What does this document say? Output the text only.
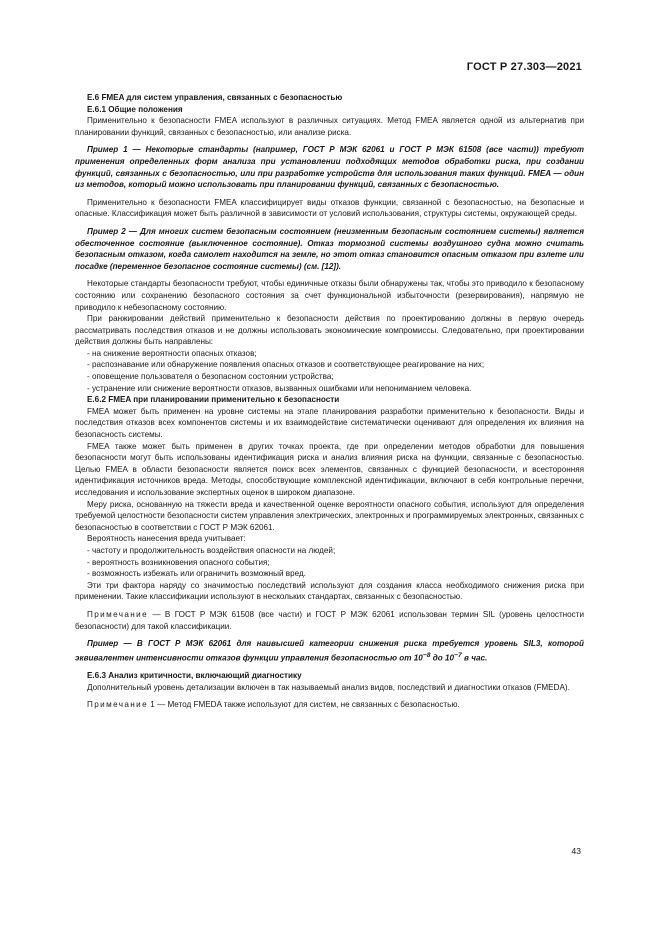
ГОСТ Р 27.303—2021

Е.6 FMEA для систем управления, связанных с безопасностью

Е.6.1 Общие положения

Применительно к безопасности FMEA используют в различных ситуациях. Метод FMEA является одной из альтернатив при планировании функций, связанных с безопасностью, или анализе риска.

Пример 1 — Некоторые стандарты (например, ГОСТ Р МЭК 62061 и ГОСТ Р МЭК 61508 (все части)) требуют применения определенных форм анализа при установлении подходящих методов обработки риска, при создании функций, связанных с безопасностью, или при разработке устройств для использования таких функций. FMEA — один из методов, который можно использовать при планировании функций, связанных с безопасностью.

Применительно к безопасности FMEA классифицирует виды отказов функции, связанной с безопасностью, на безопасные и опасные. Классификация может быть различной в зависимости от условий использования, структуры системы, окружающей среды.

Пример 2 — Для многих систем безопасным состоянием (неизменным безопасным состоянием системы) является обесточенное состояние (выключенное состояние). Отказ тормозной системы воздушного судна можно считать безопасным отказом, когда самолет находится на земле, но этот отказ становится опасным отказом при взлете или посадке (переменное безопасное состояние системы) (см. [12]).

Некоторые стандарты безопасности требуют, чтобы единичные отказы были обнаружены так, чтобы это приводило к безопасному состоянию или сохранению безопасного состояния за счет функциональной избыточности (резервирования), напрямую не приводило к небезопасному состоянию.

При ранжировании действий применительно к безопасности действия по проектированию должны в первую очередь рассматривать последствия отказов и не должны использовать экономические компромиссы. Следовательно, при проектировании действия должны быть направлены:

- на снижение вероятности опасных отказов;

- распознавание или обнаружение появления опасных отказов и соответствующее реагирование на них;

- оповещение пользователя о безопасном состоянии устройства;

- устранение или снижение вероятности отказов, вызванных ошибками или непониманием человека.

Е.6.2 FMEA при планировании применительно к безопасности

FMEA может быть применен на уровне системы на этапе планирования разработки применительно к безопасности. Виды и последствия отказов всех компонентов системы и их взаимодействие систематически оценивают для определения их влияния на безопасность системы.

FMEA также может быть применен в других точках проекта, где при определении методов обработки для повышения безопасности могут быть использованы идентификация риска и анализ влияния риска на функции, связанные с безопасностью. Целью FMEA в области безопасности является поиск всех элементов, связанных с функцией безопасности, и всесторонняя идентификация источников вреда. Методы, способствующие комплексной идентификации, включают в себя контрольные перечни, исследования и использование экспертных оценок в широком диапазоне.

Меру риска, основанную на тяжести вреда и качественной оценке вероятности опасного события, используют для определения требуемой целостности безопасности систем управления электрических, электронных и программируемых электронных, связанных с безопасностью в соответствии с ГОСТ Р МЭК 62061.

Вероятность нанесения вреда учитывает:

- частоту и продолжительность воздействия опасности на людей;

- вероятность возникновения опасного события;

- возможность избежать или ограничить возможный вред.

Эти три фактора наряду со значимостью последствий используют для создания класса необходимого снижения риска при применении. Такие классификации используют в нескольких стандартах, связанных с безопасностью.

Примечание — В ГОСТ Р МЭК 61508 (все части) и ГОСТ Р МЭК 62061 использован термин SIL (уровень целостности безопасности) для такой классификации.

Пример — В ГОСТ Р МЭК 62061 для наивысшей категории снижения риска требуется уровень SIL3, которой эквивалентен интенсивности отказов функции управления безопасностью от $10^{-8}$ до $10^{-7}$ в час.

Е.6.3 Анализ критичности, включающий диагностику

Дополнительный уровень детализации включен в так называемый анализ видов, последствий и диагностики отказов (FMEDA).

Примечание 1 — Метод FMEDA также используют для систем, не связанных с безопасностью.

43
